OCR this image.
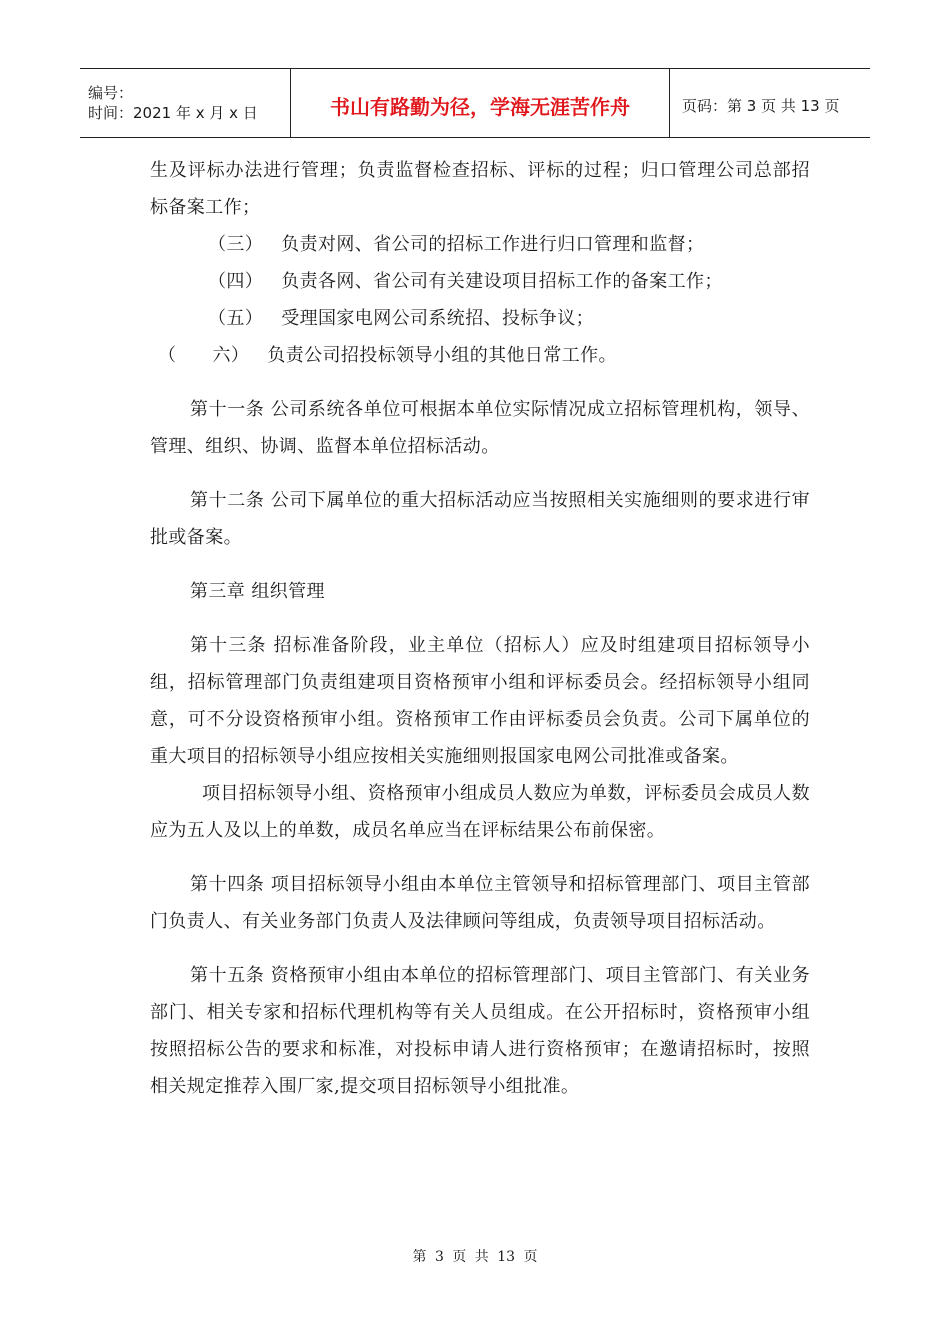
编号：
时间：2021 年 x 月 x 日	书山有路勤为径，学海无涯苦作舟	页码：第 3 页 共 13 页

生及评标办法进行管理；负责监督检查招标、评标的过程；归口管理公司总部招标备案工作；

（三） 负责对网、省公司的招标工作进行归口管理和监督；

（四） 负责各网、省公司有关建设项目招标工作的备案工作；

（五） 受理国家电网公司系统招、投标争议；

（ 六） 负责公司招投标领导小组的其他日常工作。

第十一条 公司系统各单位可根据本单位实际情况成立招标管理机构，领导、管理、组织、协调、监督本单位招标活动。

第十二条 公司下属单位的重大招标活动应当按照相关实施细则的要求进行审批或备案。

第三章 组织管理

第十三条 招标准备阶段，业主单位（招标人）应及时组建项目招标领导小组，招标管理部门负责组建项目资格预审小组和评标委员会。经招标领导小组同意，可不分设资格预审小组。资格预审工作由评标委员会负责。公司下属单位的重大项目的招标领导小组应按相关实施细则报国家电网公司批准或备案。

项目招标领导小组、资格预审小组成员人数应为单数，评标委员会成员人数应为五人及以上的单数，成员名单应当在评标结果公布前保密。

第十四条 项目招标领导小组由本单位主管领导和招标管理部门、项目主管部门负责人、有关业务部门负责人及法律顾问等组成，负责领导项目招标活动。

第十五条 资格预审小组由本单位的招标管理部门、项目主管部门、有关业务部门、相关专家和招标代理机构等有关人员组成。在公开招标时，资格预审小组按照招标公告的要求和标准，对投标申请人进行资格预审；在邀请招标时，按照相关规定推荐入围厂家,提交项目招标领导小组批准。

第 3 页 共 13 页
